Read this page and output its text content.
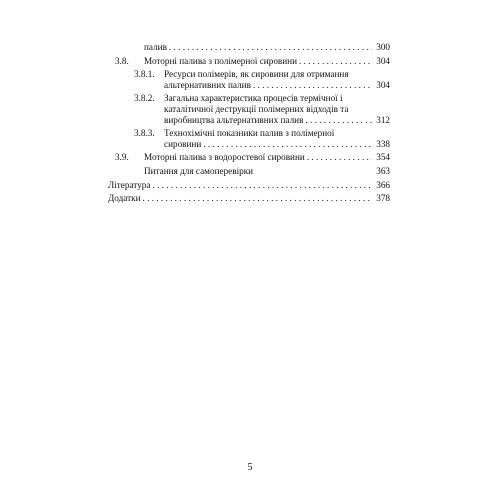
палив . . .	300
3.8. Моторні палива з полімерної сировини . . .	304
3.8.1. Ресурси полімерів, як сировини для отримання
альтернативних палив . . .	304
3.8.2. Загальна характеристика процесів термічної і
каталітичної деструкції полімерних відходів та
виробництва альтернативних палив . . .	312
3.8.3. Технохімічні показники палив з полімерної
сировини . . .	338
3.9. Моторні палива з водоростевої сировини . . .	354
Питання для самоперевірки	363
Література . . .	366
Додатки . . .	378
5
